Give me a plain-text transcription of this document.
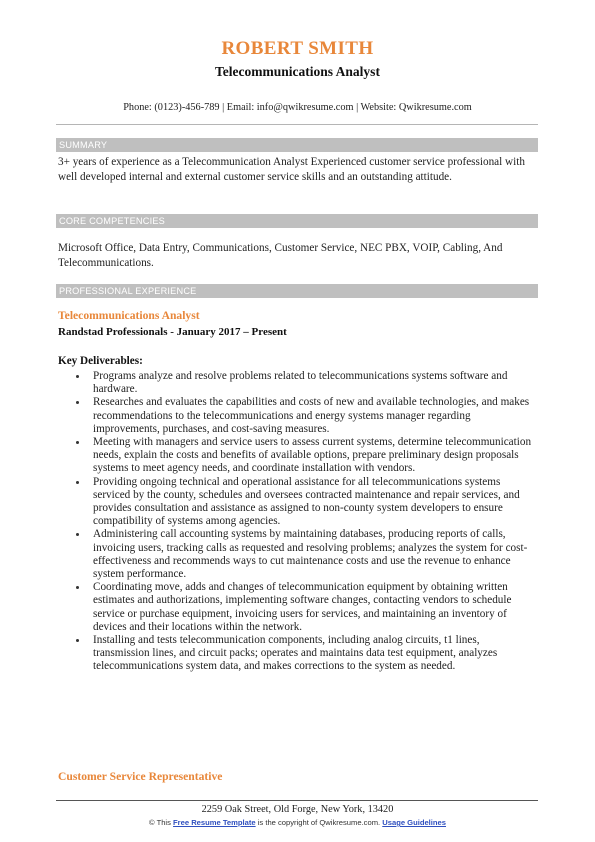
ROBERT SMITH
Telecommunications Analyst
Phone: (0123)-456-789 | Email: info@qwikresume.com | Website: Qwikresume.com
SUMMARY
3+ years of experience as a Telecommunication Analyst Experienced customer service professional with well developed internal and external customer service skills and an outstanding attitude.
CORE COMPETENCIES
Microsoft Office, Data Entry, Communications, Customer Service, NEC PBX, VOIP, Cabling, And Telecommunications.
PROFESSIONAL EXPERIENCE
Telecommunications Analyst
Randstad Professionals - January 2017 – Present
Key Deliverables:
Programs analyze and resolve problems related to telecommunications systems software and hardware.
Researches and evaluates the capabilities and costs of new and available technologies, and makes recommendations to the telecommunications and energy systems manager regarding improvements, purchases, and cost-saving measures.
Meeting with managers and service users to assess current systems, determine telecommunication needs, explain the costs and benefits of available options, prepare preliminary design proposals systems to meet agency needs, and coordinate installation with vendors.
Providing ongoing technical and operational assistance for all telecommunications systems serviced by the county, schedules and oversees contracted maintenance and repair services, and provides consultation and assistance as assigned to non-county system developers to ensure compatibility of systems among agencies.
Administering call accounting systems by maintaining databases, producing reports of calls, invoicing users, tracking calls as requested and resolving problems; analyzes the system for cost-effectiveness and recommends ways to cut maintenance costs and use the revenue to enhance system performance.
Coordinating move, adds and changes of telecommunication equipment by obtaining written estimates and authorizations, implementing software changes, contacting vendors to schedule service or purchase equipment, invoicing users for services, and maintaining an inventory of devices and their locations within the network.
Installing and tests telecommunication components, including analog circuits, t1 lines, transmission lines, and circuit packs; operates and maintains data test equipment, analyzes telecommunications system data, and makes corrections to the system as needed.
Customer Service Representative
2259 Oak Street, Old Forge, New York, 13420
© This Free Resume Template is the copyright of Qwikresume.com. Usage Guidelines
